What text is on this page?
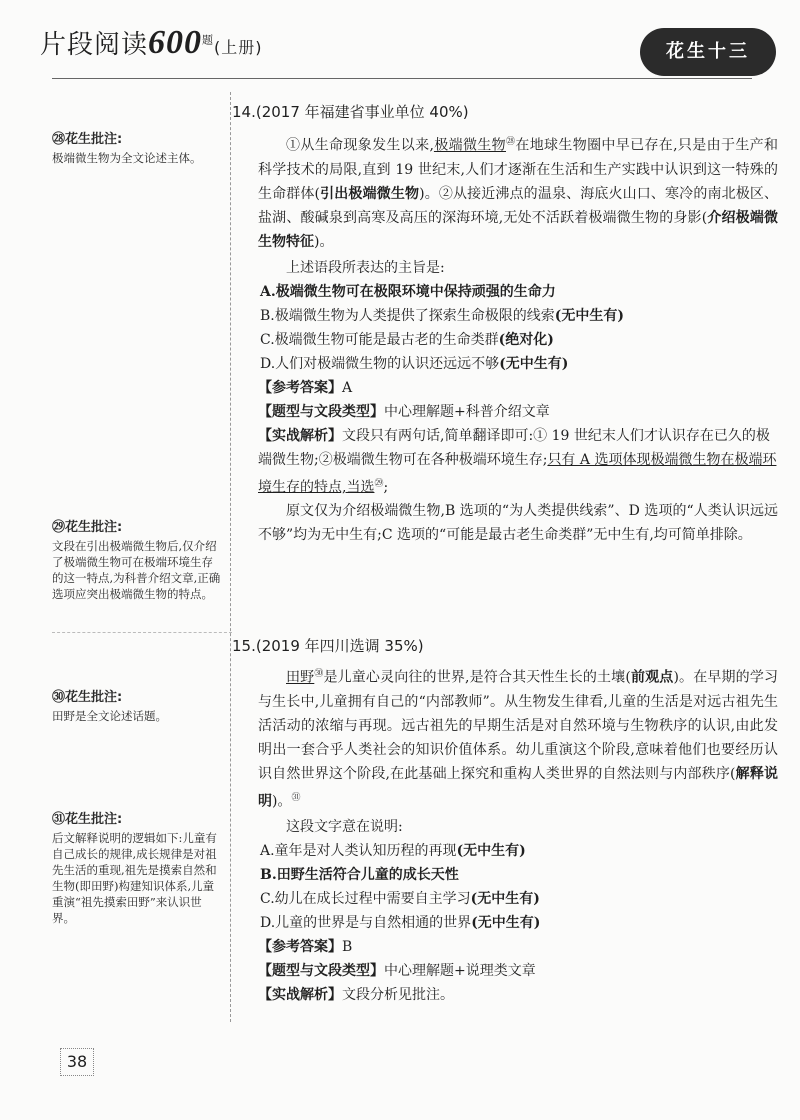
片段阅读$600^题$(上册)	花生十三
㉘花生批注:
极端微生物为全文论述主体。
㉙花生批注:
文段在引出极端微生物后,仅介绍了极端微生物可在极端环境生存的这一特点,为科普介绍文章,正确选项应突出极端微生物的特点。
㉚花生批注:
田野是全文论述话题。
㉛花生批注:
后文解释说明的逻辑如下:儿童有自己成长的规律,成长规律是对祖先生活的重现,祖先是摸索自然和生物(即田野)构建知识体系,儿童重演“祖先摸索田野”来认识世界。
14.(2017 年福建省事业单位 40%)
①从生命现象发生以来,极端微生物$^㉘$在地球生物圈中早已存在,只是由于生产和科学技术的局限,直到 19 世纪末,人们才逐渐在生活和生产实践中认识到这一特殊的生命群体(引出极端微生物)。②从接近沸点的温泉、海底火山口、寒冷的南北极区、盐湖、酸碱泉到高寒及高压的深海环境,无处不活跃着极端微生物的身影(介绍极端微生物特征)。
上述语段所表达的主旨是:
A.极端微生物可在极限环境中保持顽强的生命力
B.极端微生物为人类提供了探索生命极限的线索(无中生有)
C.极端微生物可能是最古老的生命类群(绝对化)
D.人们对极端微生物的认识还远远不够(无中生有)
【参考答案】A
【题型与文段类型】中心理解题+科普介绍文章
【实战解析】文段只有两句话,简单翻译即可:① 19 世纪末人们才认识存在已久的极端微生物;②极端微生物可在各种极端环境生存;只有 A 选项体现极端微生物在极端环境生存的特点,当选$^㉙$;
原文仅为介绍极端微生物,B 选项的“为人类提供线索”、D 选项的“人类认识远远不够”均为无中生有;C 选项的“可能是最古老生命类群”无中生有,均可简单排除。
15.(2019 年四川选调 35%)
田野$^㉚$是儿童心灵向往的世界,是符合其天性生长的土壤(前观点)。在早期的学习与生长中,儿童拥有自己的“内部教师”。从生物发生律看,儿童的生活是对远古祖先生活活动的浓缩与再现。远古祖先的早期生活是对自然环境与生物秩序的认识,由此发明出一套合乎人类社会的知识价值体系。幼儿重演这个阶段,意味着他们也要经历认识自然世界这个阶段,在此基础上探究和重构人类世界的自然法则与内部秩序(解释说明)。$^㉛$
这段文字意在说明:
A.童年是对人类认知历程的再现(无中生有)
B.田野生活符合儿童的成长天性
C.幼儿在成长过程中需要自主学习(无中生有)
D.儿童的世界是与自然相通的世界(无中生有)
【参考答案】B
【题型与文段类型】中心理解题+说理类文章
【实战解析】文段分析见批注。
38
